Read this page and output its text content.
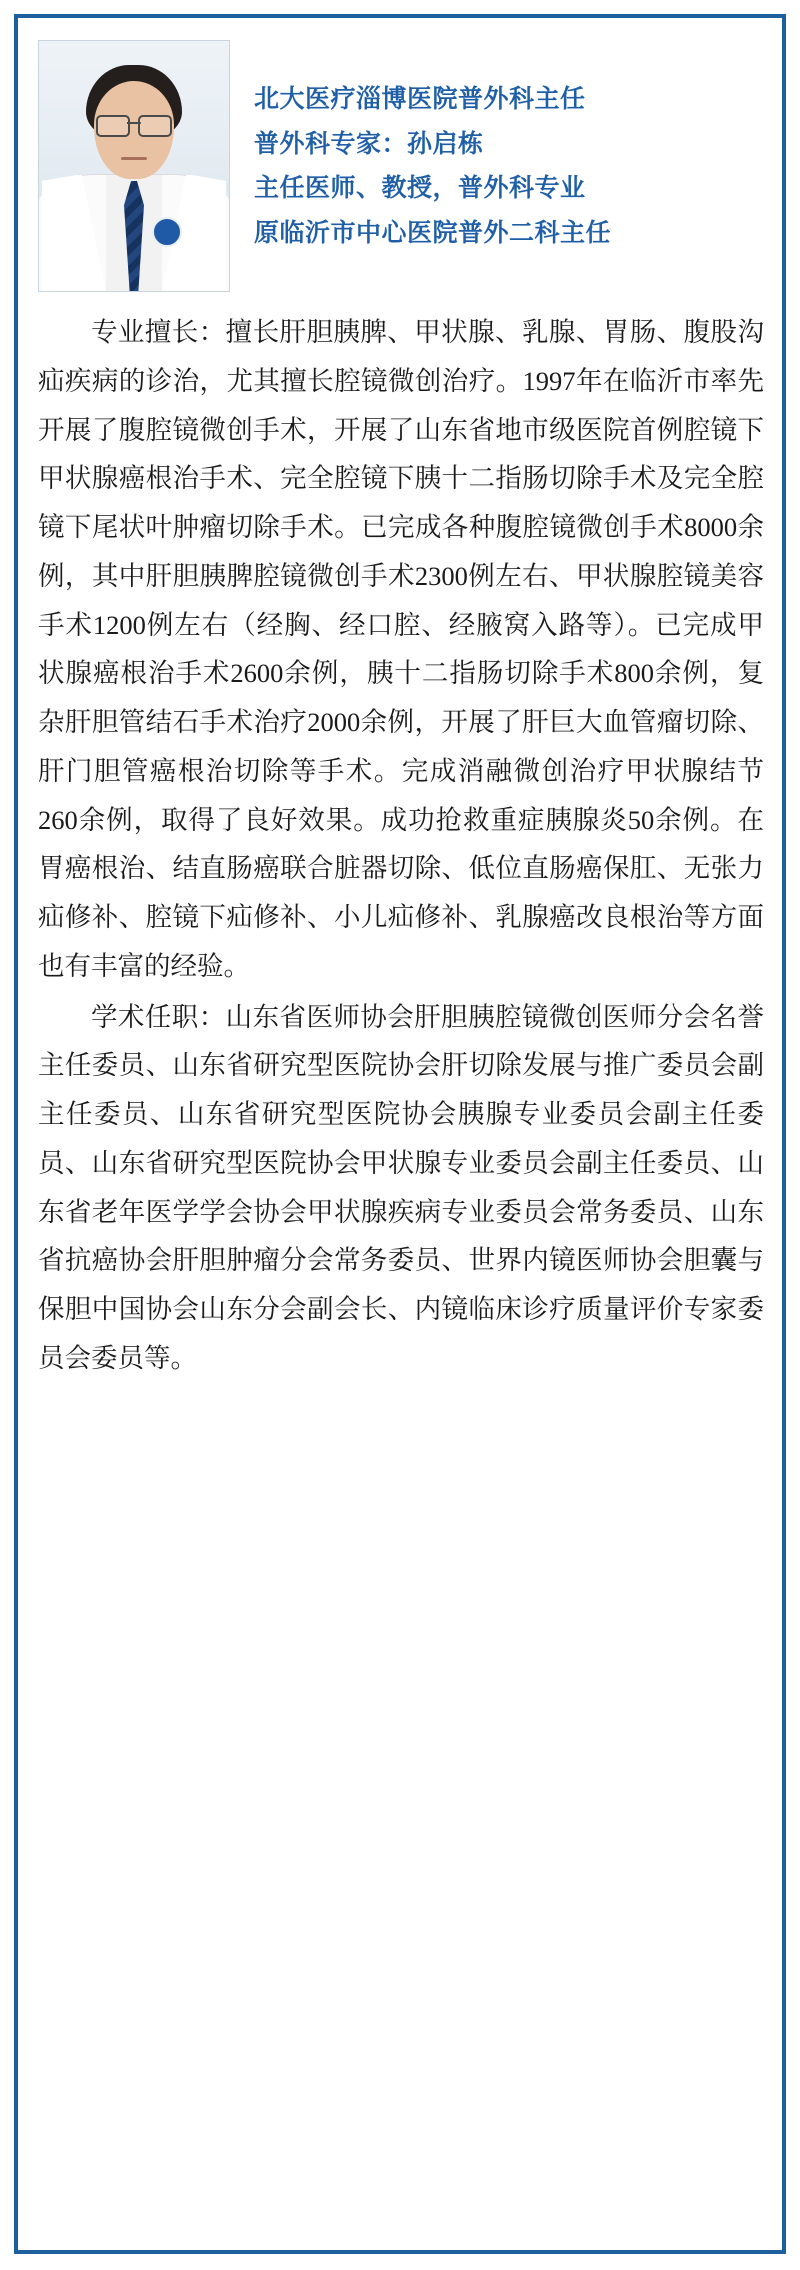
北大医疗淄博医院普外科主任
普外科专家：孙启栋
主任医师、教授，普外科专业
原临沂市中心医院普外二科主任

专业擅长：擅长肝胆胰脾、甲状腺、乳腺、胃肠、腹股沟疝疾病的诊治，尤其擅长腔镜微创治疗。1997年在临沂市率先开展了腹腔镜微创手术，开展了山东省地市级医院首例腔镜下甲状腺癌根治手术、完全腔镜下胰十二指肠切除手术及完全腔镜下尾状叶肿瘤切除手术。已完成各种腹腔镜微创手术8000余例，其中肝胆胰脾腔镜微创手术2300例左右、甲状腺腔镜美容手术1200例左右（经胸、经口腔、经腋窝入路等）。已完成甲状腺癌根治手术2600余例，胰十二指肠切除手术800余例，复杂肝胆管结石手术治疗2000余例，开展了肝巨大血管瘤切除、肝门胆管癌根治切除等手术。完成消融微创治疗甲状腺结节260余例，取得了良好效果。成功抢救重症胰腺炎50余例。在胃癌根治、结直肠癌联合脏器切除、低位直肠癌保肛、无张力疝修补、腔镜下疝修补、小儿疝修补、乳腺癌改良根治等方面也有丰富的经验。

学术任职：山东省医师协会肝胆胰腔镜微创医师分会名誉主任委员、山东省研究型医院协会肝切除发展与推广委员会副主任委员、山东省研究型医院协会胰腺专业委员会副主任委员、山东省研究型医院协会甲状腺专业委员会副主任委员、山东省老年医学学会协会甲状腺疾病专业委员会常务委员、山东省抗癌协会肝胆肿瘤分会常务委员、世界内镜医师协会胆囊与保胆中国协会山东分会副会长、内镜临床诊疗质量评价专家委员会委员等。
